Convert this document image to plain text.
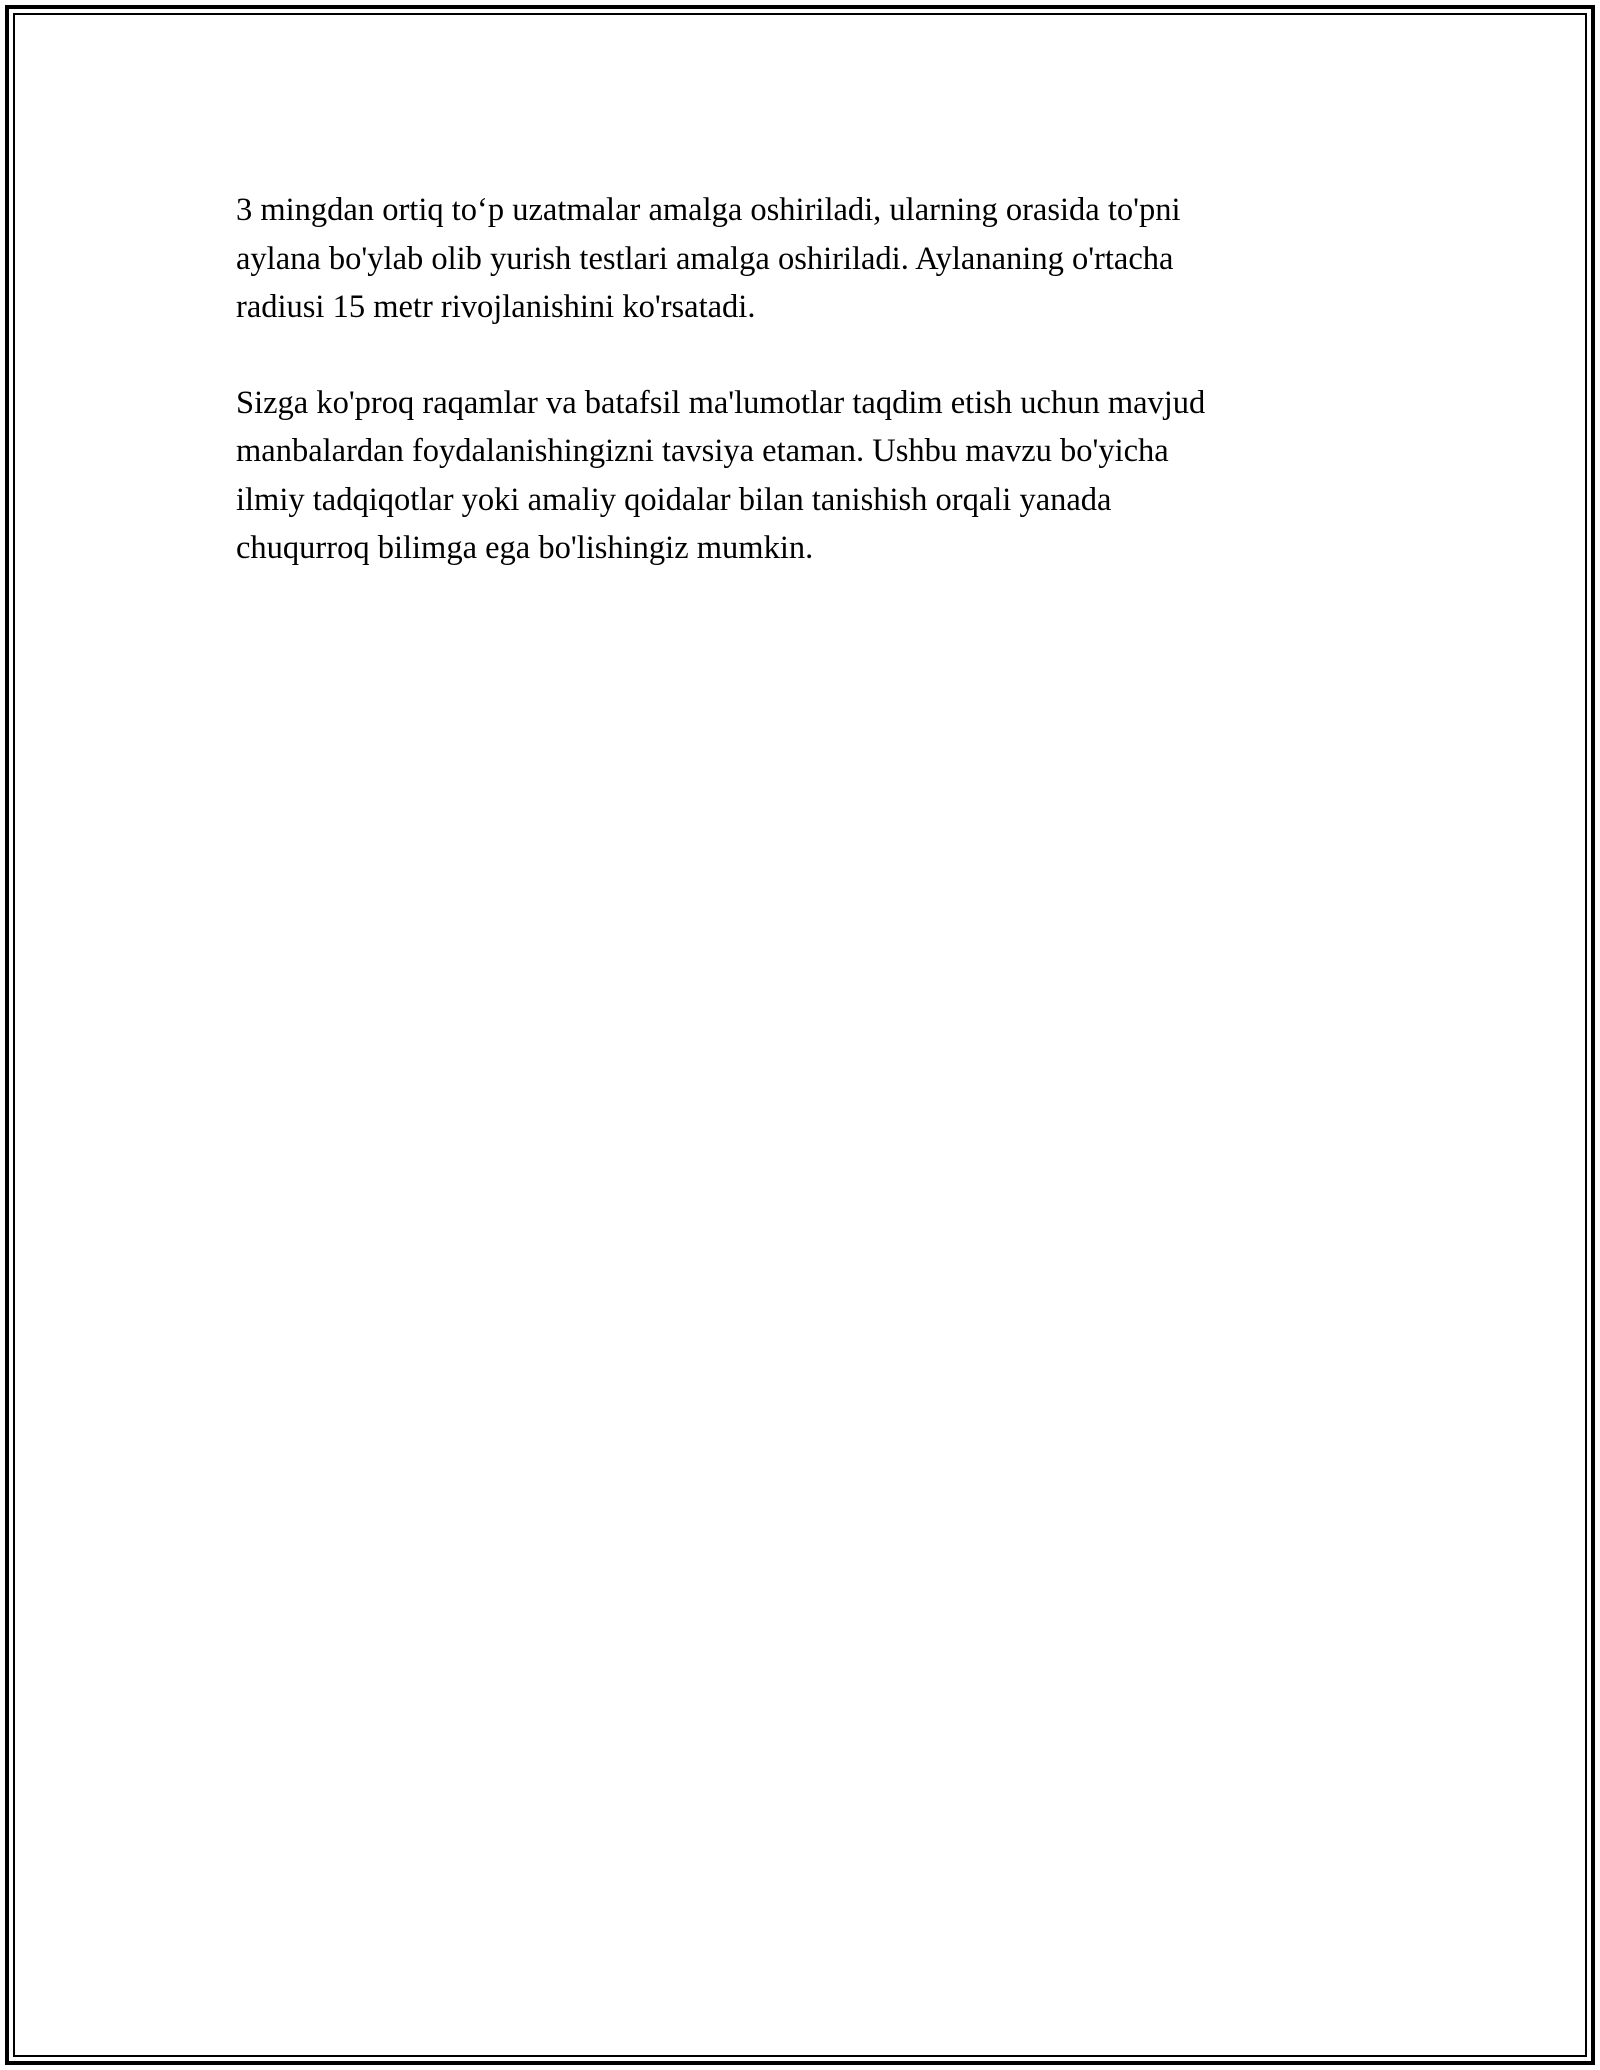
3 mingdan ortiq to‘p uzatmalar amalga oshiriladi, ularning orasida to'pni
aylana bo'ylab olib yurish testlari amalga oshiriladi. Aylananing o'rtacha
radiusi 15 metr rivojlanishini ko'rsatadi.

Sizga ko'proq raqamlar va batafsil ma'lumotlar taqdim etish uchun mavjud
manbalardan foydalanishingizni tavsiya etaman. Ushbu mavzu bo'yicha
ilmiy tadqiqotlar yoki amaliy qoidalar bilan tanishish orqali yanada
chuqurroq bilimga ega bo'lishingiz mumkin.
